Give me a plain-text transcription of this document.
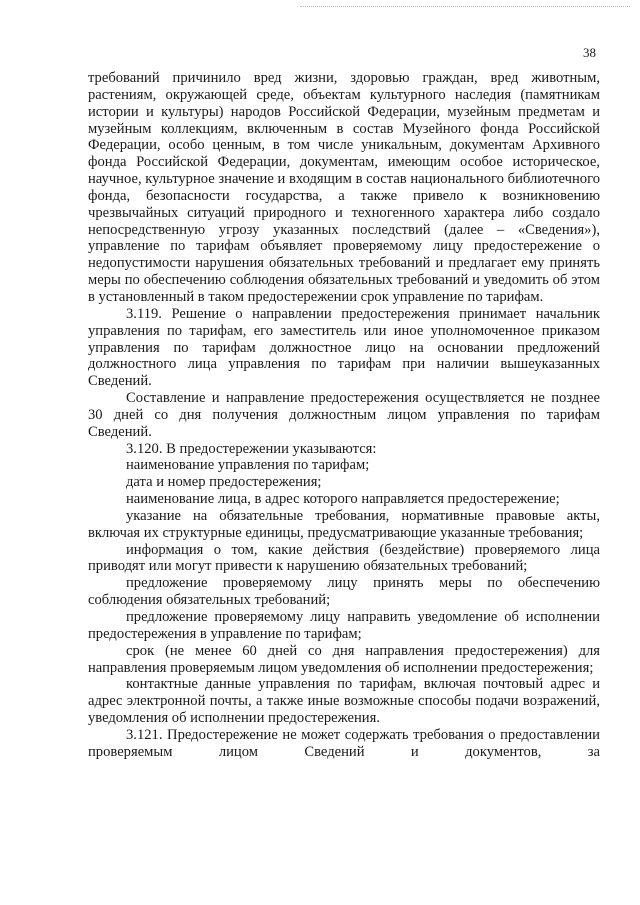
38

требований причинило вред жизни, здоровью граждан, вред животным, растениям, окружающей среде, объектам культурного наследия (памятникам истории и культуры) народов Российской Федерации, музейным предметам и музейным коллекциям, включенным в состав Музейного фонда Российской Федерации, особо ценным, в том числе уникальным, документам Архивного фонда Российской Федерации, документам, имеющим особое историческое, научное, культурное значение и входящим в состав национального библиотечного фонда, безопасности государства, а также привело к возникновению чрезвычайных ситуаций природного и техногенного характера либо создало непосредственную угрозу указанных последствий (далее – «Сведения»), управление по тарифам объявляет проверяемому лицу предостережение о недопустимости нарушения обязательных требований и предлагает ему принять меры по обеспечению соблюдения обязательных требований и уведомить об этом в установленный в таком предостережении срок управление по тарифам.

3.119. Решение о направлении предостережения принимает начальник управления по тарифам, его заместитель или иное уполномоченное приказом управления по тарифам должностное лицо на основании предложений должностного лица управления по тарифам при наличии вышеуказанных Сведений.

Составление и направление предостережения осуществляется не позднее 30 дней со дня получения должностным лицом управления по тарифам Сведений.

3.120. В предостережении указываются:

наименование управления по тарифам;

дата и номер предостережения;

наименование лица, в адрес которого направляется предостережение;

указание на обязательные требования, нормативные правовые акты, включая их структурные единицы, предусматривающие указанные требования;

информация о том, какие действия (бездействие) проверяемого лица приводят или могут привести к нарушению обязательных требований;

предложение проверяемому лицу принять меры по обеспечению соблюдения обязательных требований;

предложение проверяемому лицу направить уведомление об исполнении предостережения в управление по тарифам;

срок (не менее 60 дней со дня направления предостережения) для направления проверяемым лицом уведомления об исполнении предостережения;

контактные данные управления по тарифам, включая почтовый адрес и адрес электронной почты, а также иные возможные способы подачи возражений, уведомления об исполнении предостережения.

3.121. Предостережение не может содержать требования о предоставлении проверяемым лицом Сведений и документов, за
